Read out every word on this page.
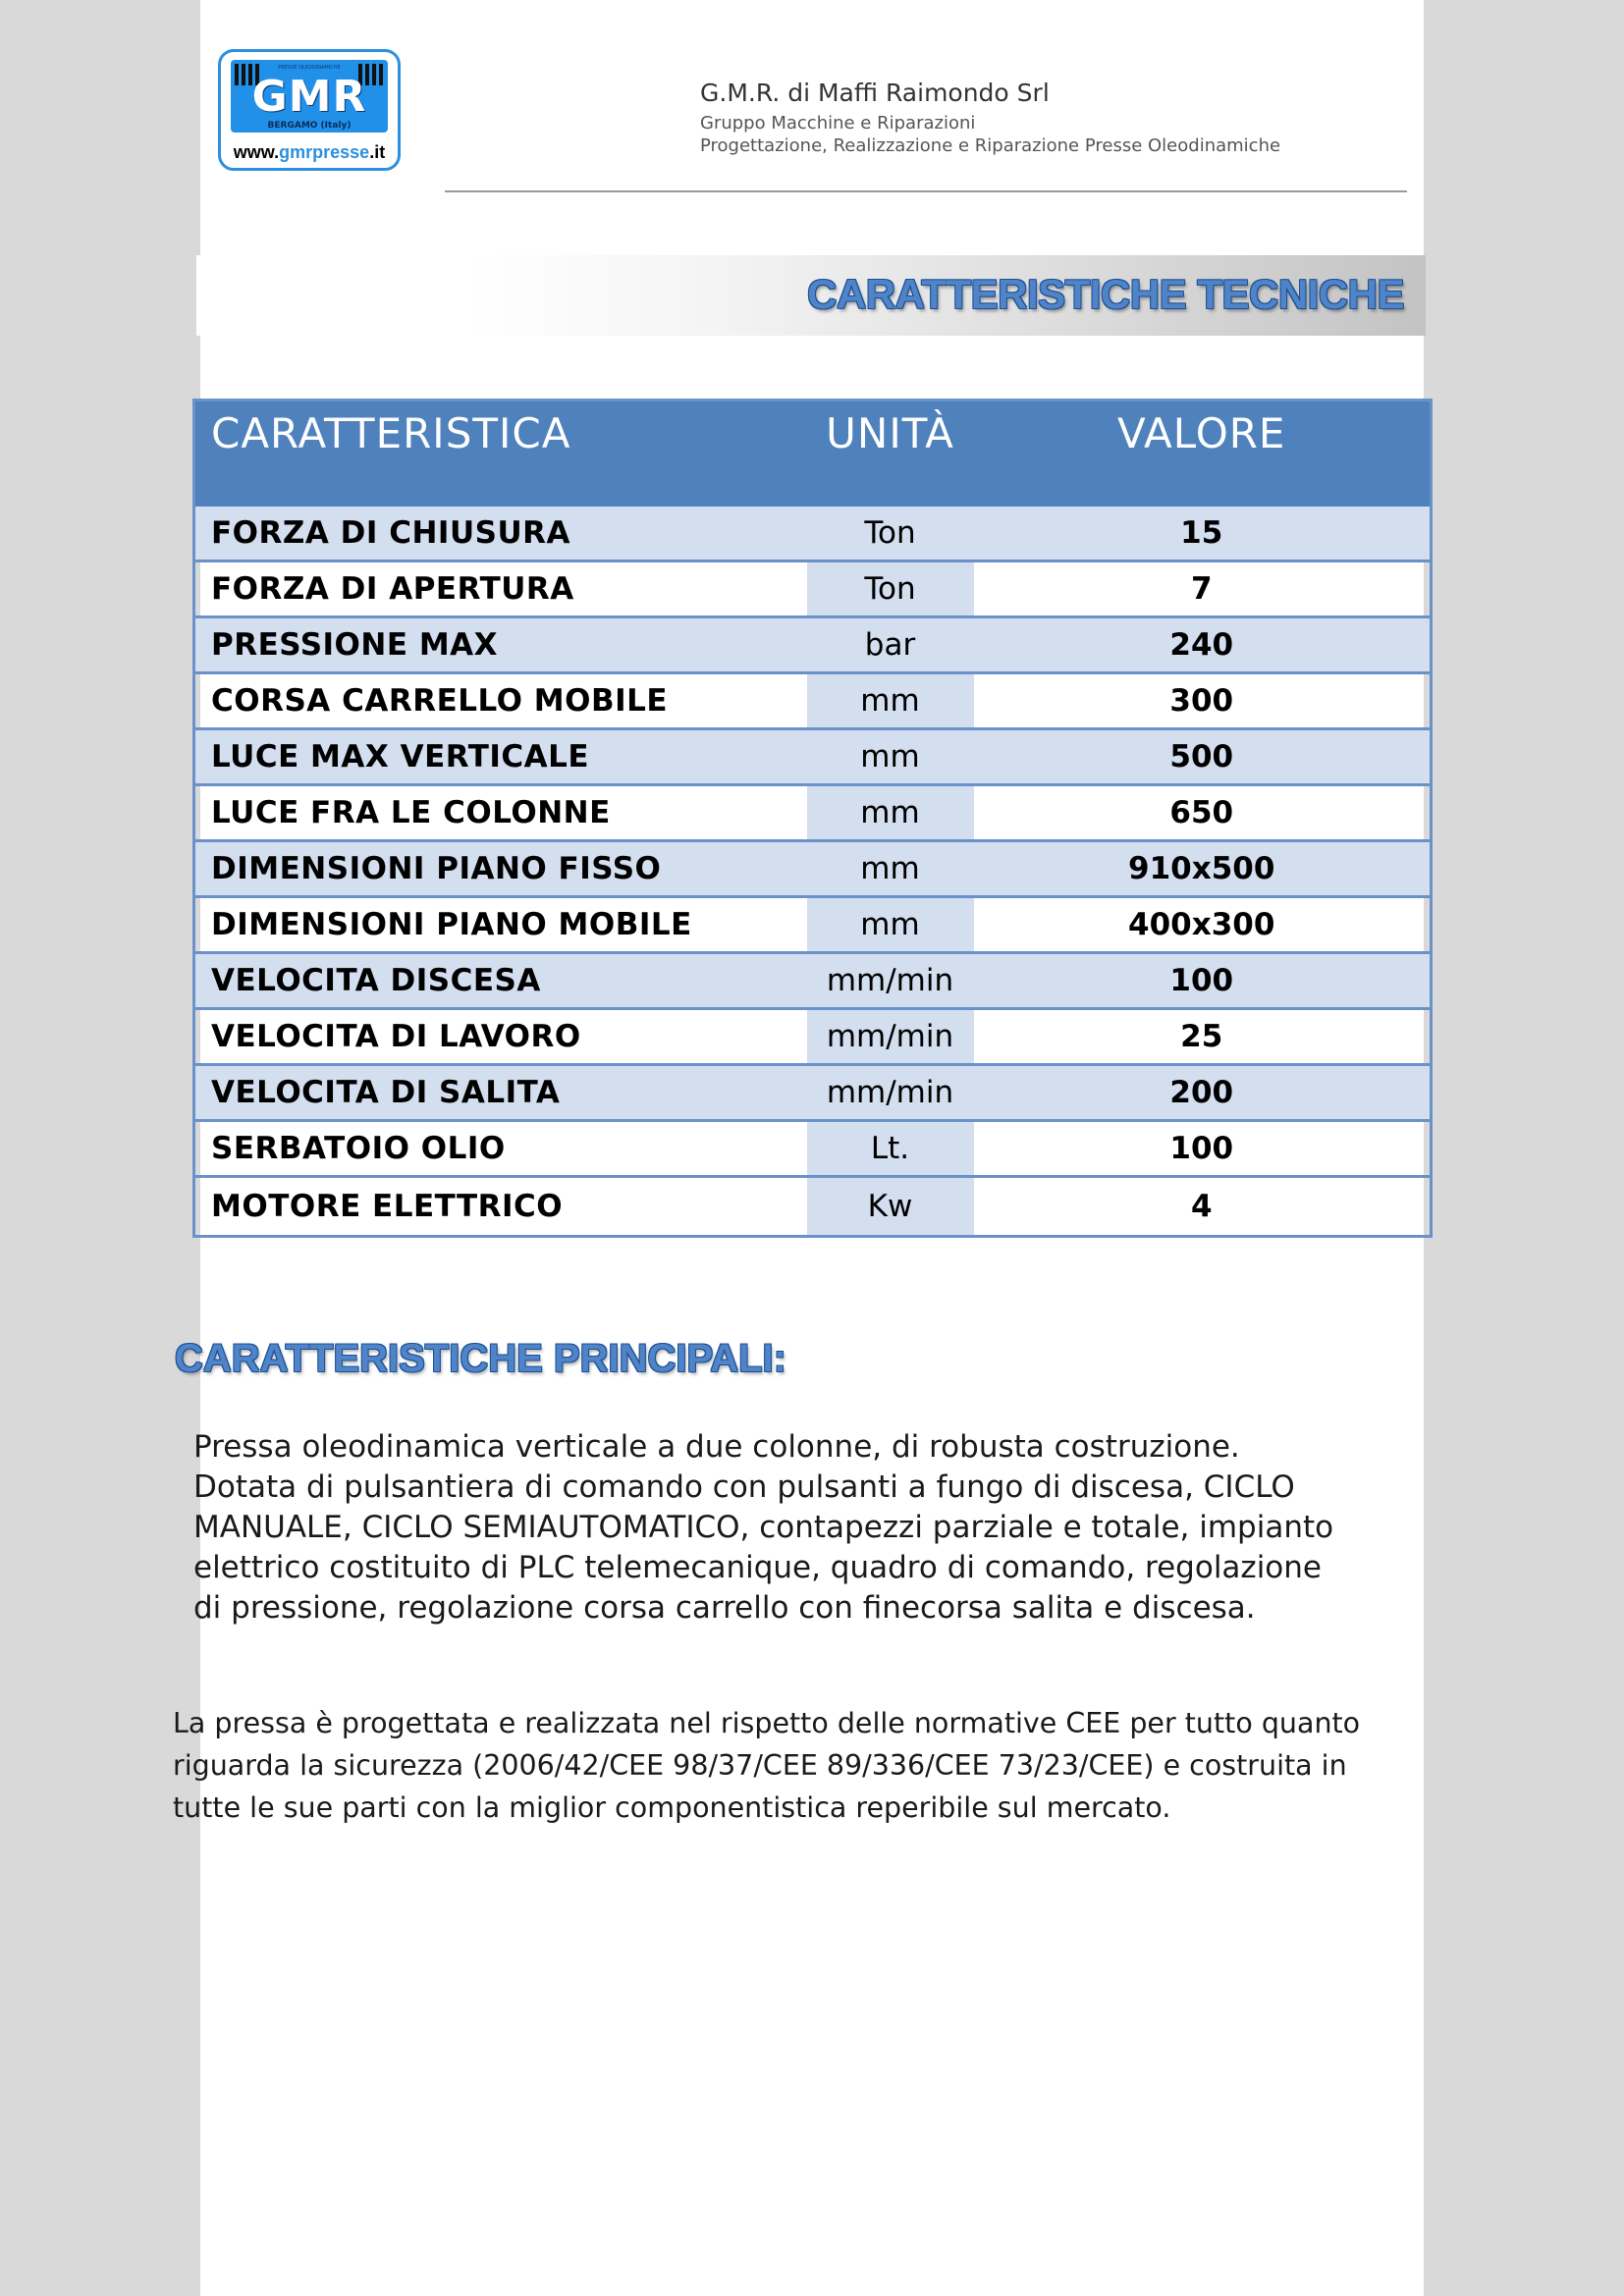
PRESSE OLEODINAMICHE
GMR
BERGAMO (Italy)
www.gmrpresse.it
G.M.R. di Maffi Raimondo Srl
Gruppo Macchine e Riparazioni
Progettazione, Realizzazione e Riparazione Presse Oleodinamiche
CARATTERISTICHE TECNICHE
CARATTERISTICA	UNITÀ	VALORE
FORZA DI CHIUSURA	Ton	15
FORZA DI APERTURA	Ton	7
PRESSIONE MAX	bar	240
CORSA CARRELLO MOBILE	mm	300
LUCE MAX VERTICALE	mm	500
LUCE FRA LE COLONNE	mm	650
DIMENSIONI PIANO FISSO	mm	910x500
DIMENSIONI PIANO MOBILE	mm	400x300
VELOCITA DISCESA	mm/min	100
VELOCITA DI LAVORO	mm/min	25
VELOCITA DI SALITA	mm/min	200
SERBATOIO OLIO	Lt.	100
MOTORE ELETTRICO	Kw	4
CARATTERISTICHE PRINCIPALI:

Pressa oleodinamica verticale a due colonne, di robusta costruzione.
Dotata di pulsantiera di comando con pulsanti a fungo di discesa, CICLO
MANUALE, CICLO SEMIAUTOMATICO, contapezzi parziale e totale, impianto
elettrico costituito di PLC telemecanique, quadro di comando, regolazione
di pressione, regolazione corsa carrello con finecorsa salita e discesa.

La pressa è progettata e realizzata nel rispetto delle normative CEE per tutto quanto
riguarda la sicurezza (2006/42/CEE 98/37/CEE 89/336/CEE 73/23/CEE) e costruita in
tutte le sue parti con la miglior componentistica reperibile sul mercato.
